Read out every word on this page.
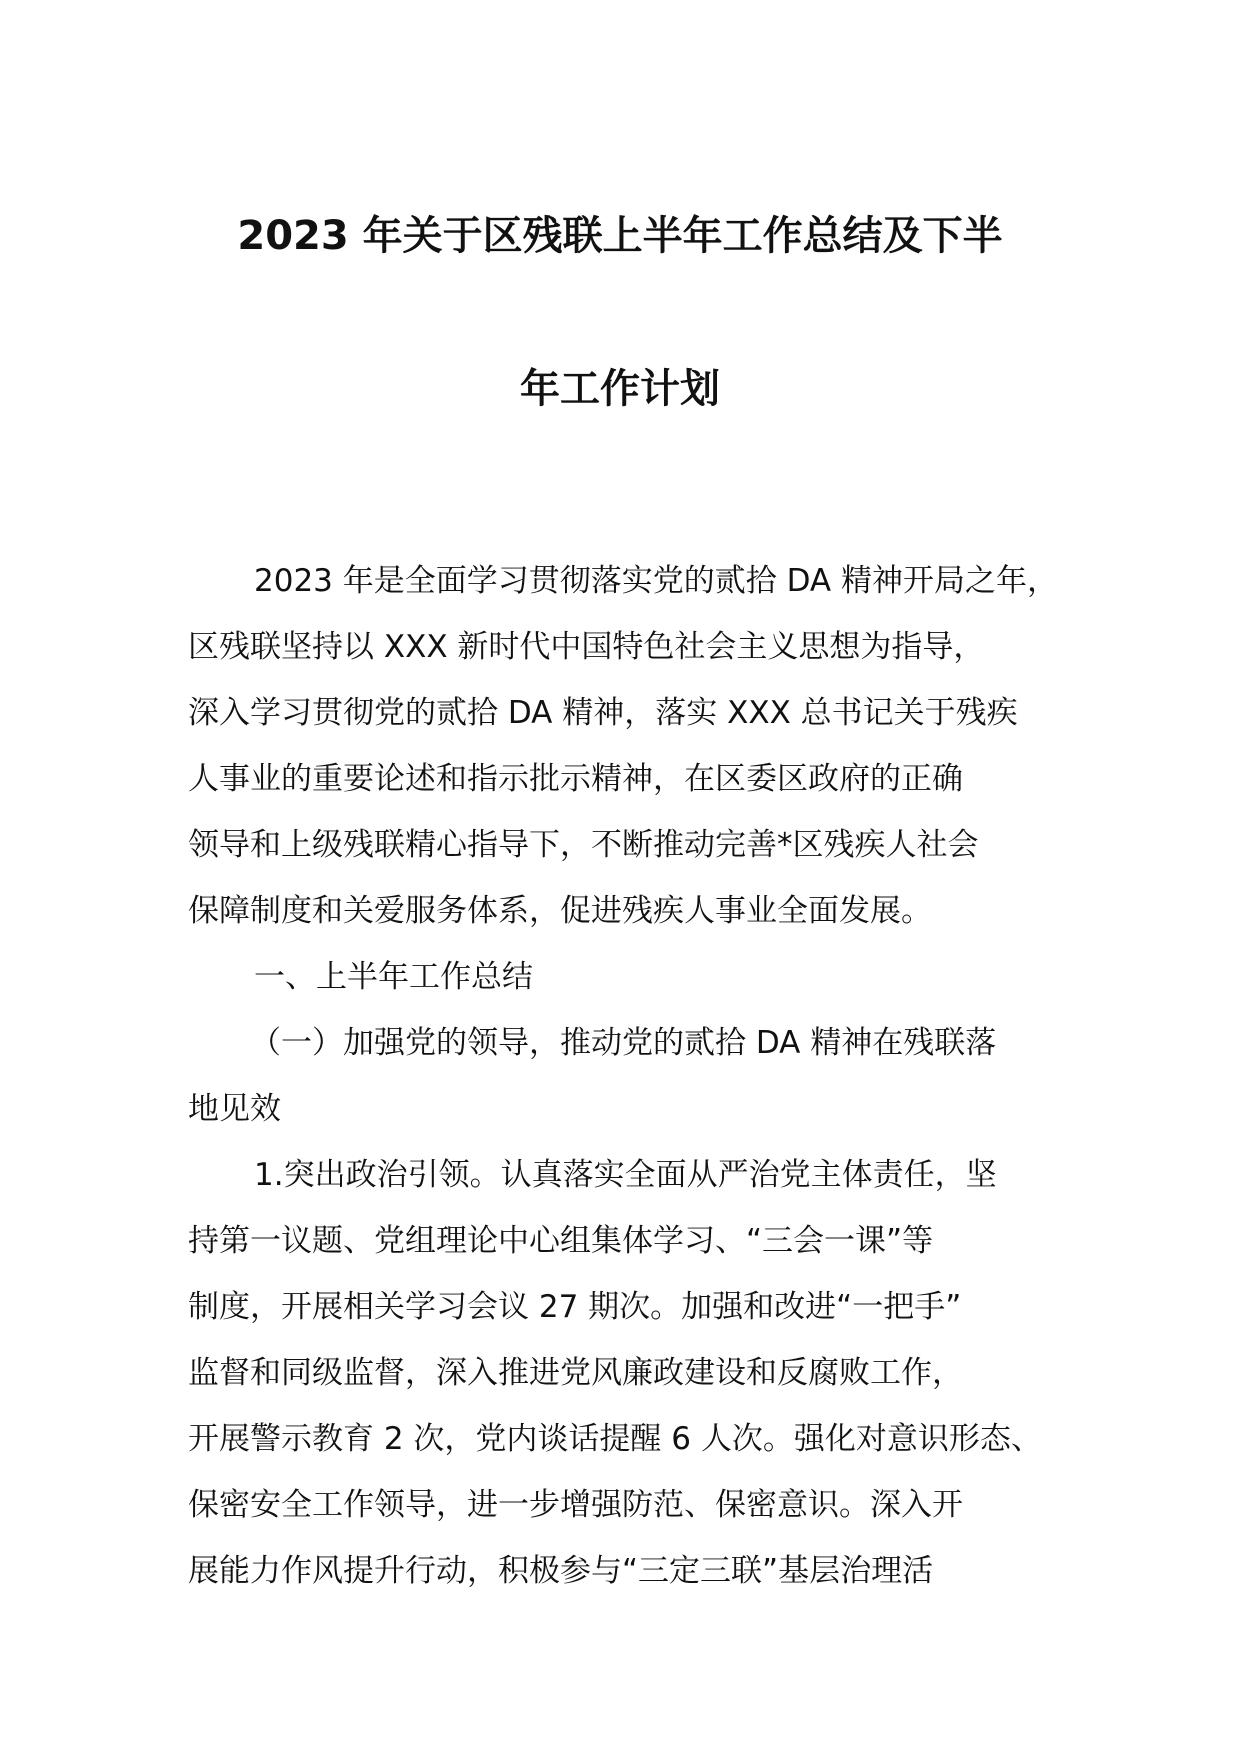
2023 年关于区残联上半年工作总结及下半
年工作计划
2023 年是全面学习贯彻落实党的贰拾 DA 精神开局之年，
区残联坚持以 XXX 新时代中国特色社会主义思想为指导，
深入学习贯彻党的贰拾 DA 精神，落实 XXX 总书记关于残疾
人事业的重要论述和指示批示精神，在区委区政府的正确
领导和上级残联精心指导下，不断推动完善*区残疾人社会
保障制度和关爱服务体系，促进残疾人事业全面发展。
一、上半年工作总结
（一）加强党的领导，推动党的贰拾 DA 精神在残联落
地见效
1.突出政治引领。认真落实全面从严治党主体责任，坚
持第一议题、党组理论中心组集体学习、“三会一课”等
制度，开展相关学习会议 27 期次。加强和改进“一把手”
监督和同级监督，深入推进党风廉政建设和反腐败工作，
开展警示教育 2 次，党内谈话提醒 6 人次。强化对意识形态、
保密安全工作领导，进一步增强防范、保密意识。深入开
展能力作风提升行动，积极参与“三定三联”基层治理活
